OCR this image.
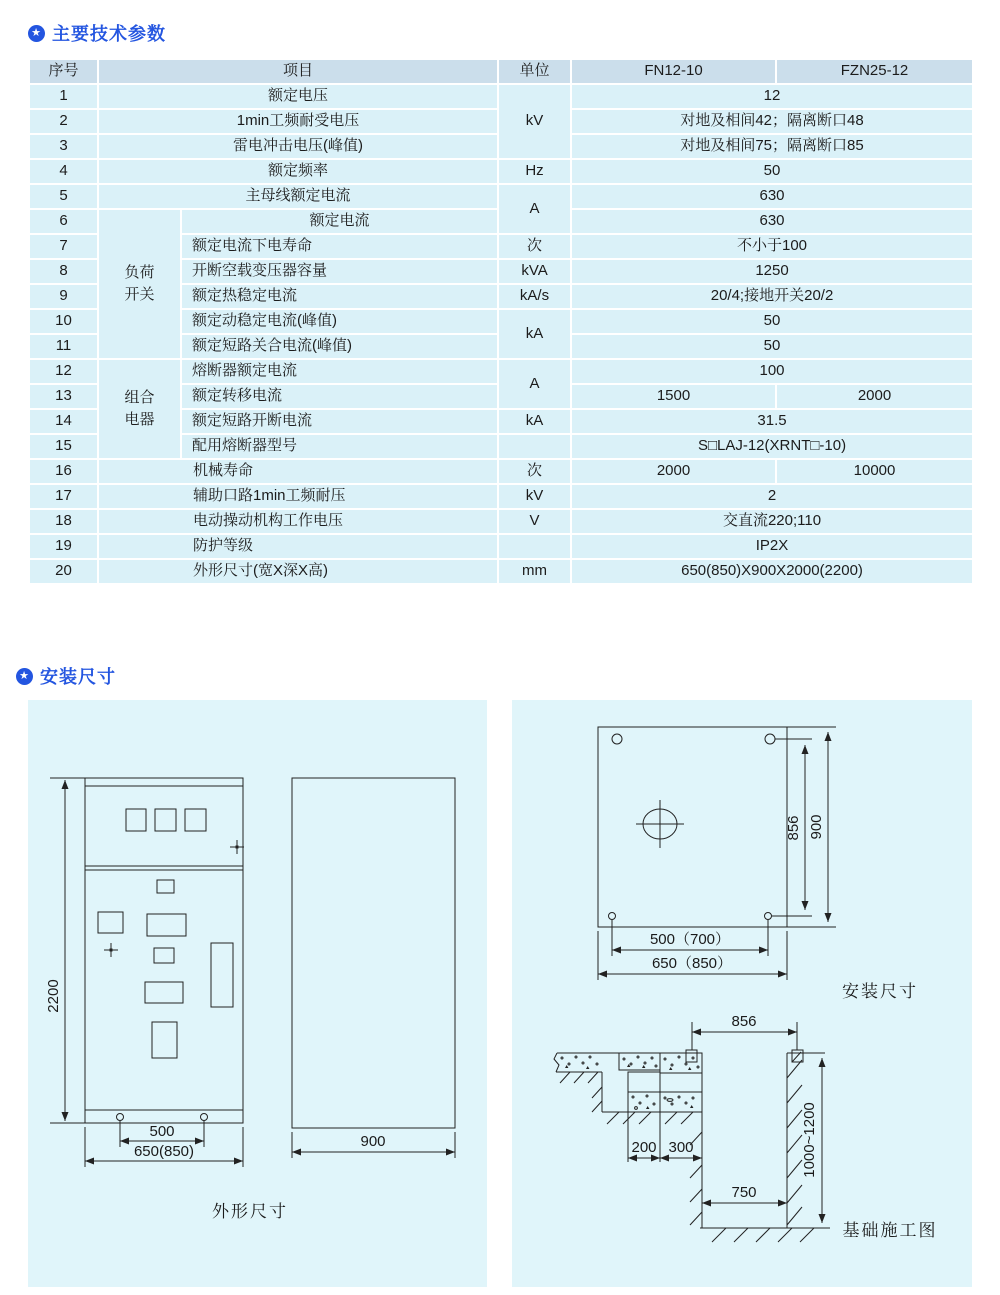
★ 主要技术参数
序号	项目		单位	FN12-10	FZN25-12
1	额定电压		kV	12	
2	1min工频耐受电压			对地及相间42；隔离断口48	
3	雷电冲击电压(峰值)			对地及相间75；隔离断口85	
4	额定频率		Hz	50	
5	主母线额定电流		A	630	
6	负荷开关	额定电流		630	
7		额定电流下电寿命	次	不小于100	
8		开断空载变压器容量	kVA	1250	
9		额定热稳定电流	kA/s	20/4;接地开关20/2	
10		额定动稳定电流(峰值)	kA	50	
11		额定短路关合电流(峰值)		50	
12	组合电器	熔断器额定电流	A	100	
13		额定转移电流		1500	2000
14		额定短路开断电流	kA	31.5	
15		配用熔断器型号		S□LAJ-12(XRNT□-10)	
16	机械寿命		次	2000	10000
17	辅助口路1min工频耐压		kV	2	
18	电动操动机构工作电压		V	交直流220;110	
19	防护等级			IP2X	
20	外形尺寸(宽X深X高)		mm	650(850)X900X2000(2200)	
★ 安装尺寸
2200
500
650(850)
900
外形尺寸
856 900
500（700）
650（850）
安装尺寸
856
1000~1200
200 300
750
基础施工图
